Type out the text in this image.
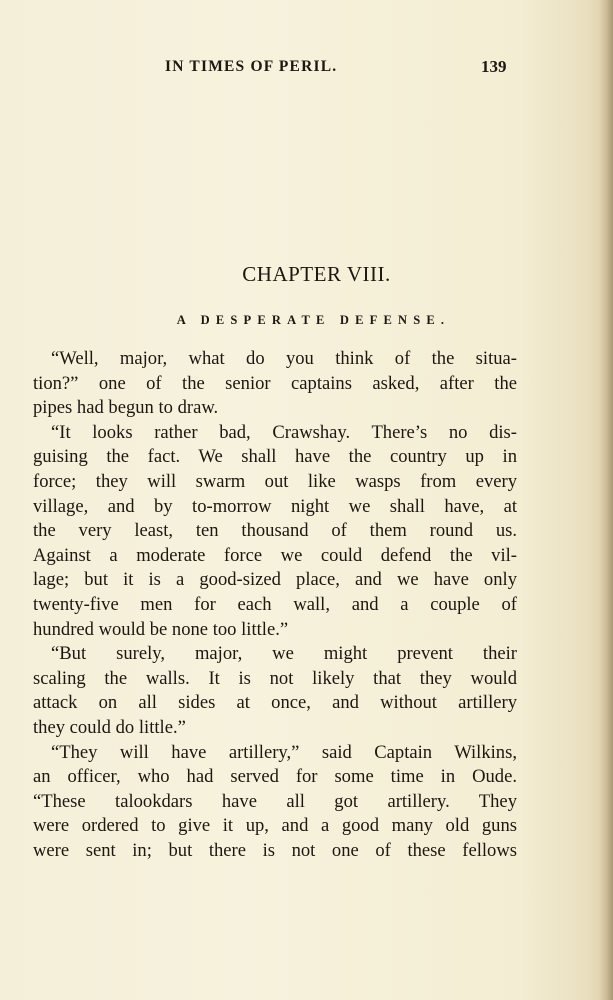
IN TIMES OF PERIL.	139
CHAPTER VIII.
A DESPERATE DEFENSE.
“Well, major, what do you think of the situa-
tion?” one of the senior captains asked, after the
pipes had begun to draw.
“It looks rather bad, Crawshay. There’s no dis-
guising the fact. We shall have the country up in
force; they will swarm out like wasps from every
village, and by to-morrow night we shall have, at
the very least, ten thousand of them round us.
Against a moderate force we could defend the vil-
lage; but it is a good-sized place, and we have only
twenty-five men for each wall, and a couple of
hundred would be none too little.”
“But surely, major, we might prevent their
scaling the walls. It is not likely that they would
attack on all sides at once, and without artillery
they could do little.”
“They will have artillery,” said Captain Wilkins,
an officer, who had served for some time in Oude.
“These talookdars have all got artillery. They
were ordered to give it up, and a good many old guns
were sent in; but there is not one of these fellows
